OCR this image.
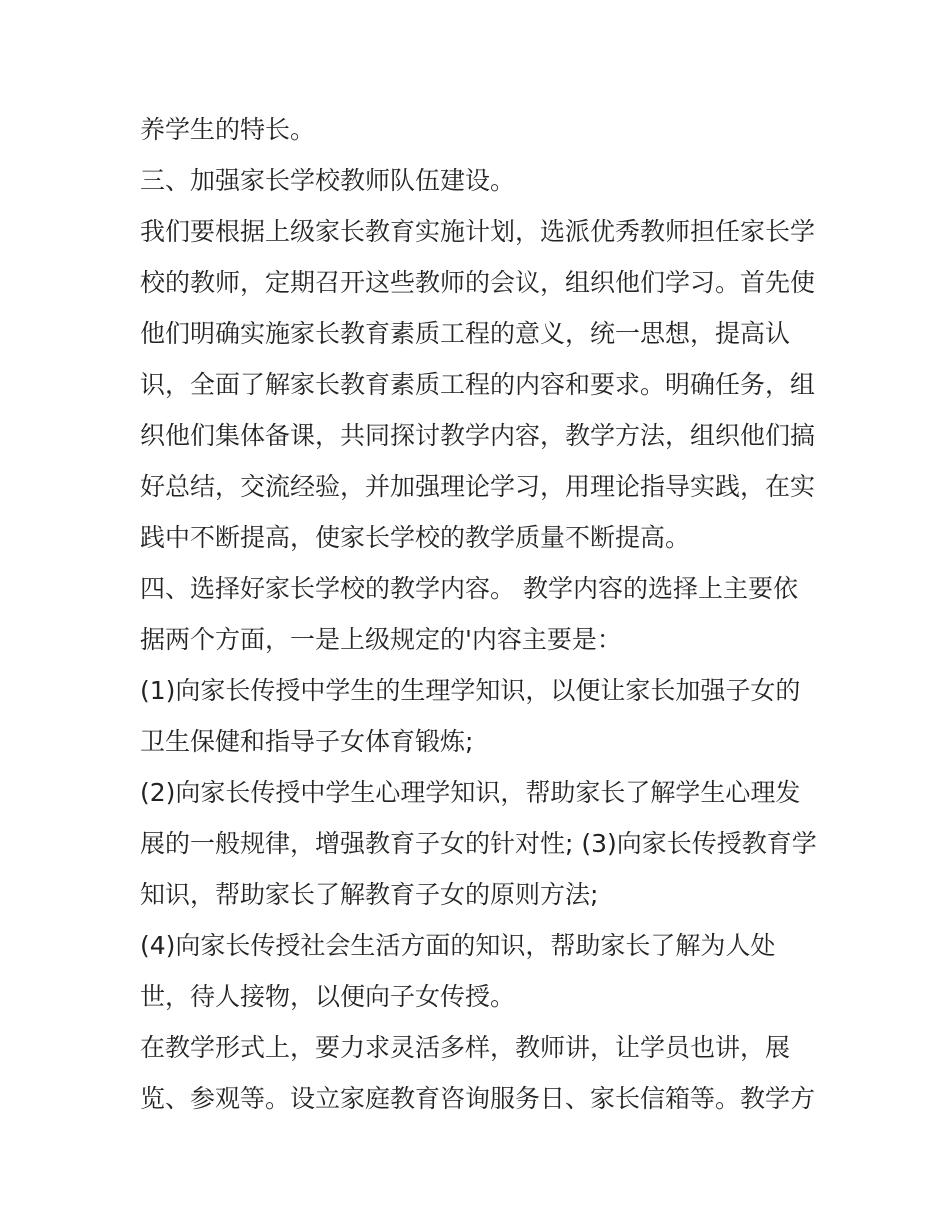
养学生的特长。

三、加强家长学校教师队伍建设。

我们要根据上级家长教育实施计划，选派优秀教师担任家长学

校的教师，定期召开这些教师的会议，组织他们学习。首先使

他们明确实施家长教育素质工程的意义，统一思想，提高认

识，全面了解家长教育素质工程的内容和要求。明确任务，组

织他们集体备课，共同探讨教学内容，教学方法，组织他们搞

好总结，交流经验，并加强理论学习，用理论指导实践，在实

践中不断提高，使家长学校的教学质量不断提高。

四、选择好家长学校的教学内容。 教学内容的选择上主要依

据两个方面，一是上级规定的'内容主要是：

(1)向家长传授中学生的生理学知识，以便让家长加强子女的

卫生保健和指导子女体育锻炼;

(2)向家长传授中学生心理学知识，帮助家长了解学生心理发

展的一般规律，增强教育子女的针对性; (3)向家长传授教育学

知识，帮助家长了解教育子女的原则方法;

(4)向家长传授社会生活方面的知识，帮助家长了解为人处

世，待人接物，以便向子女传授。

在教学形式上，要力求灵活多样，教师讲，让学员也讲，展

览、参观等。设立家庭教育咨询服务日、家长信箱等。教学方
